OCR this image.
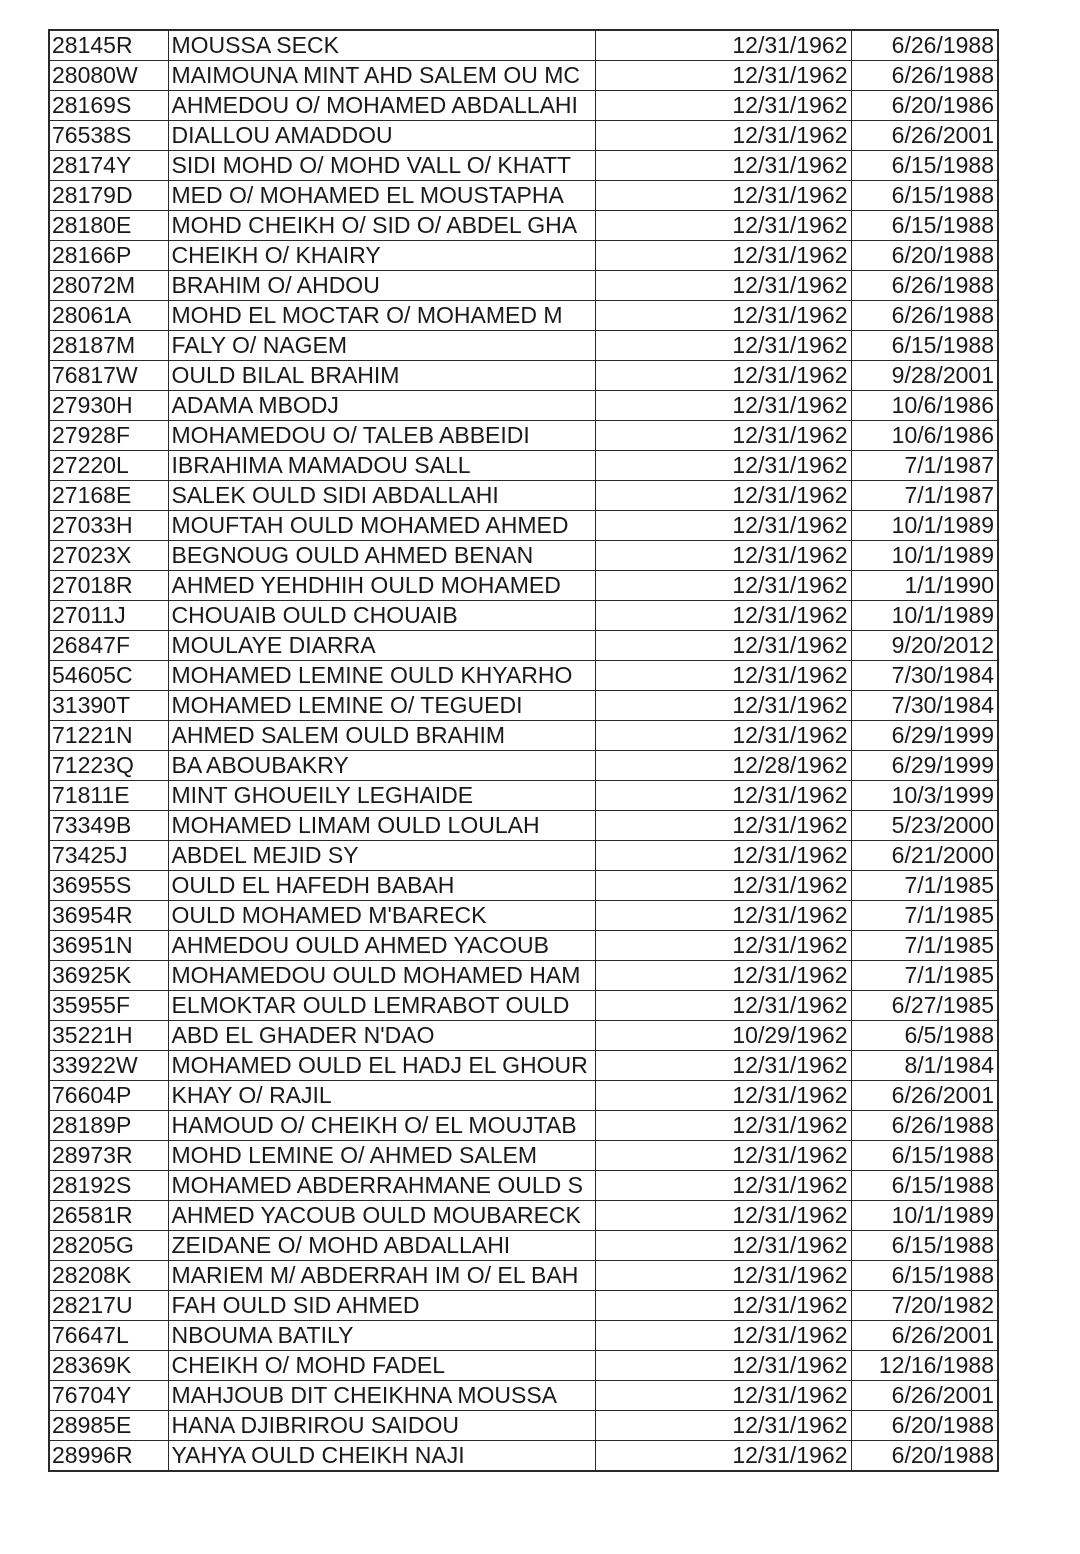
28145R	MOUSSA SECK	12/31/1962	6/26/1988
28080W	MAIMOUNA MINT AHD SALEM OU MC	12/31/1962	6/26/1988
28169S	AHMEDOU O/ MOHAMED ABDALLAHI	12/31/1962	6/20/1986
76538S	DIALLOU AMADDOU	12/31/1962	6/26/2001
28174Y	SIDI MOHD O/ MOHD VALL O/ KHATT	12/31/1962	6/15/1988
28179D	MED O/ MOHAMED EL MOUSTAPHA	12/31/1962	6/15/1988
28180E	MOHD CHEIKH O/ SID O/ ABDEL GHA	12/31/1962	6/15/1988
28166P	CHEIKH O/ KHAIRY	12/31/1962	6/20/1988
28072M	BRAHIM O/ AHDOU	12/31/1962	6/26/1988
28061A	MOHD EL MOCTAR O/ MOHAMED M	12/31/1962	6/26/1988
28187M	FALY O/ NAGEM	12/31/1962	6/15/1988
76817W	OULD BILAL BRAHIM	12/31/1962	9/28/2001
27930H	ADAMA MBODJ	12/31/1962	10/6/1986
27928F	MOHAMEDOU O/ TALEB ABBEIDI	12/31/1962	10/6/1986
27220L	IBRAHIMA MAMADOU SALL	12/31/1962	7/1/1987
27168E	SALEK OULD SIDI ABDALLAHI	12/31/1962	7/1/1987
27033H	MOUFTAH OULD MOHAMED AHMED	12/31/1962	10/1/1989
27023X	BEGNOUG OULD AHMED BENAN	12/31/1962	10/1/1989
27018R	AHMED YEHDHIH OULD MOHAMED	12/31/1962	1/1/1990
27011J	CHOUAIB OULD CHOUAIB	12/31/1962	10/1/1989
26847F	MOULAYE DIARRA	12/31/1962	9/20/2012
54605C	MOHAMED LEMINE OULD KHYARHO	12/31/1962	7/30/1984
31390T	MOHAMED LEMINE O/ TEGUEDI	12/31/1962	7/30/1984
71221N	AHMED SALEM OULD BRAHIM	12/31/1962	6/29/1999
71223Q	BA ABOUBAKRY	12/28/1962	6/29/1999
71811E	MINT GHOUEILY LEGHAIDE	12/31/1962	10/3/1999
73349B	MOHAMED LIMAM OULD LOULAH	12/31/1962	5/23/2000
73425J	ABDEL MEJID SY	12/31/1962	6/21/2000
36955S	OULD EL HAFEDH BABAH	12/31/1962	7/1/1985
36954R	OULD MOHAMED M'BARECK	12/31/1962	7/1/1985
36951N	AHMEDOU OULD AHMED YACOUB	12/31/1962	7/1/1985
36925K	MOHAMEDOU OULD MOHAMED HAM	12/31/1962	7/1/1985
35955F	ELMOKTAR OULD LEMRABOT OULD	12/31/1962	6/27/1985
35221H	ABD EL GHADER N'DAO	10/29/1962	6/5/1988
33922W	MOHAMED OULD EL HADJ EL GHOUR	12/31/1962	8/1/1984
76604P	KHAY O/ RAJIL	12/31/1962	6/26/2001
28189P	HAMOUD O/ CHEIKH O/ EL MOUJTAB	12/31/1962	6/26/1988
28973R	MOHD LEMINE O/ AHMED SALEM	12/31/1962	6/15/1988
28192S	MOHAMED ABDERRAHMANE OULD S	12/31/1962	6/15/1988
26581R	AHMED YACOUB OULD MOUBARECK	12/31/1962	10/1/1989
28205G	ZEIDANE O/ MOHD ABDALLAHI	12/31/1962	6/15/1988
28208K	MARIEM M/ ABDERRAH IM O/ EL BAH	12/31/1962	6/15/1988
28217U	FAH OULD SID AHMED	12/31/1962	7/20/1982
76647L	NBOUMA BATILY	12/31/1962	6/26/2001
28369K	CHEIKH O/ MOHD FADEL	12/31/1962	12/16/1988
76704Y	MAHJOUB DIT CHEIKHNA MOUSSA	12/31/1962	6/26/2001
28985E	HANA DJIBRIROU SAIDOU	12/31/1962	6/20/1988
28996R	YAHYA OULD CHEIKH NAJI	12/31/1962	6/20/1988
